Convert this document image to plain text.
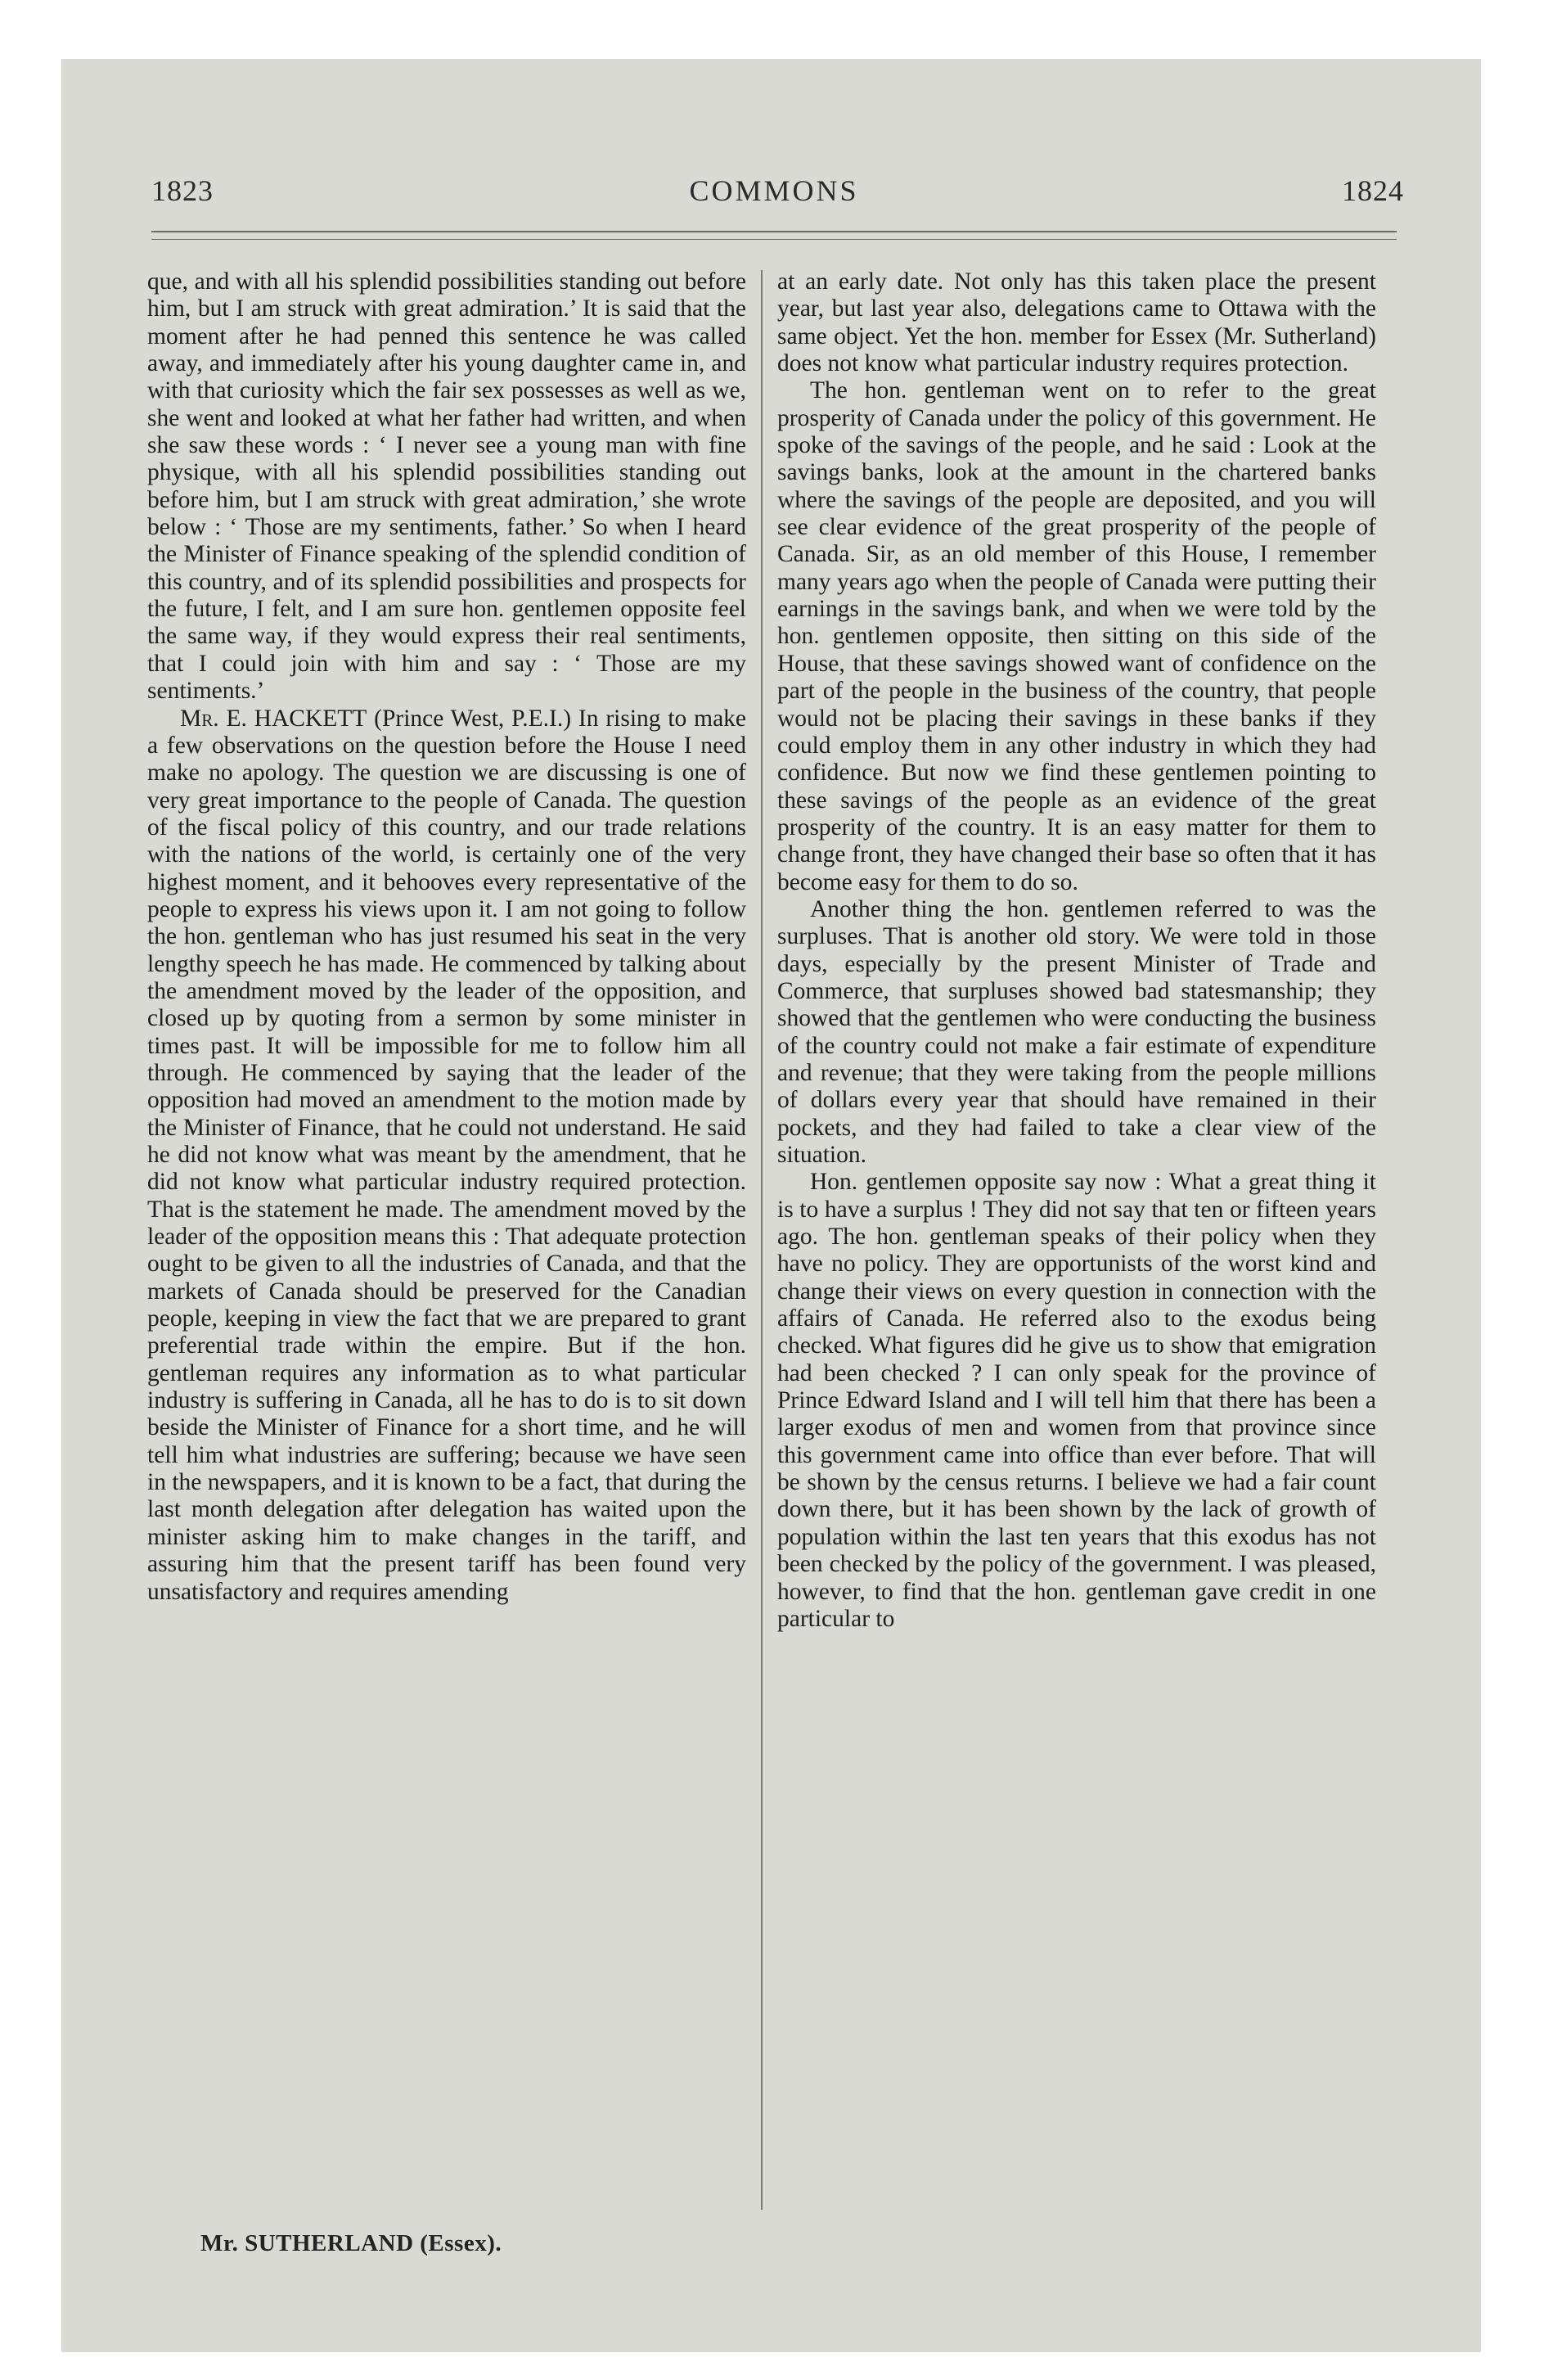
1823	COMMONS	1824

que, and with all his splendid possibilities standing out before him, but I am struck with great admiration.’ It is said that the moment after he had penned this sentence he was called away, and immediately after his young daughter came in, and with that curiosity which the fair sex possesses as well as we, she went and looked at what her father had written, and when she saw these words : ‘ I never see a young man with fine physique, with all his splendid possibilities standing out before him, but I am struck with great admiration,’ she wrote below : ‘ Those are my sentiments, father.’ So when I heard the Minister of Finance speaking of the splendid condition of this country, and of its splendid possibilities and prospects for the future, I felt, and I am sure hon. gentlemen opposite feel the same way, if they would express their real sentiments, that I could join with him and say : ‘ Those are my sentiments.’

Mr. E. HACKETT (Prince West, P.E.I.) In rising to make a few observations on the question before the House I need make no apology. The question we are discussing is one of very great importance to the people of Canada. The question of the fiscal policy of this country, and our trade relations with the nations of the world, is certainly one of the very highest moment, and it behooves every representative of the people to express his views upon it. I am not going to follow the hon. gentleman who has just resumed his seat in the very lengthy speech he has made. He commenced by talking about the amendment moved by the leader of the opposition, and closed up by quoting from a sermon by some minister in times past. It will be impossible for me to follow him all through. He commenced by saying that the leader of the opposition had moved an amendment to the motion made by the Minister of Finance, that he could not understand. He said he did not know what was meant by the amendment, that he did not know what particular industry required protection. That is the statement he made. The amendment moved by the leader of the opposition means this : That adequate protection ought to be given to all the industries of Canada, and that the markets of Canada should be preserved for the Canadian people, keeping in view the fact that we are prepared to grant preferential trade within the empire. But if the hon. gentleman requires any information as to what particular industry is suffering in Canada, all he has to do is to sit down beside the Minister of Finance for a short time, and he will tell him what industries are suffering; because we have seen in the newspapers, and it is known to be a fact, that during the last month delegation after delegation has waited upon the minister asking him to make changes in the tariff, and assuring him that the present tariff has been found very unsatisfactory and requires amending

at an early date. Not only has this taken place the present year, but last year also, delegations came to Ottawa with the same object. Yet the hon. member for Essex (Mr. Sutherland) does not know what particular industry requires protection.

The hon. gentleman went on to refer to the great prosperity of Canada under the policy of this government. He spoke of the savings of the people, and he said : Look at the savings banks, look at the amount in the chartered banks where the savings of the people are deposited, and you will see clear evidence of the great prosperity of the people of Canada. Sir, as an old member of this House, I remember many years ago when the people of Canada were putting their earnings in the savings bank, and when we were told by the hon. gentlemen opposite, then sitting on this side of the House, that these savings showed want of confidence on the part of the people in the business of the country, that people would not be placing their savings in these banks if they could employ them in any other industry in which they had confidence. But now we find these gentlemen pointing to these savings of the people as an evidence of the great prosperity of the country. It is an easy matter for them to change front, they have changed their base so often that it has become easy for them to do so.

Another thing the hon. gentlemen referred to was the surpluses. That is another old story. We were told in those days, especially by the present Minister of Trade and Commerce, that surpluses showed bad statesmanship; they showed that the gentlemen who were conducting the business of the country could not make a fair estimate of expenditure and revenue; that they were taking from the people millions of dollars every year that should have remained in their pockets, and they had failed to take a clear view of the situation.

Hon. gentlemen opposite say now : What a great thing it is to have a surplus ! They did not say that ten or fifteen years ago. The hon. gentleman speaks of their policy when they have no policy. They are opportunists of the worst kind and change their views on every question in connection with the affairs of Canada. He referred also to the exodus being checked. What figures did he give us to show that emigration had been checked ? I can only speak for the province of Prince Edward Island and I will tell him that there has been a larger exodus of men and women from that province since this government came into office than ever before. That will be shown by the census returns. I believe we had a fair count down there, but it has been shown by the lack of growth of population within the last ten years that this exodus has not been checked by the policy of the government. I was pleased, however, to find that the hon. gentleman gave credit in one particular to

Mr. SUTHERLAND (Essex).
